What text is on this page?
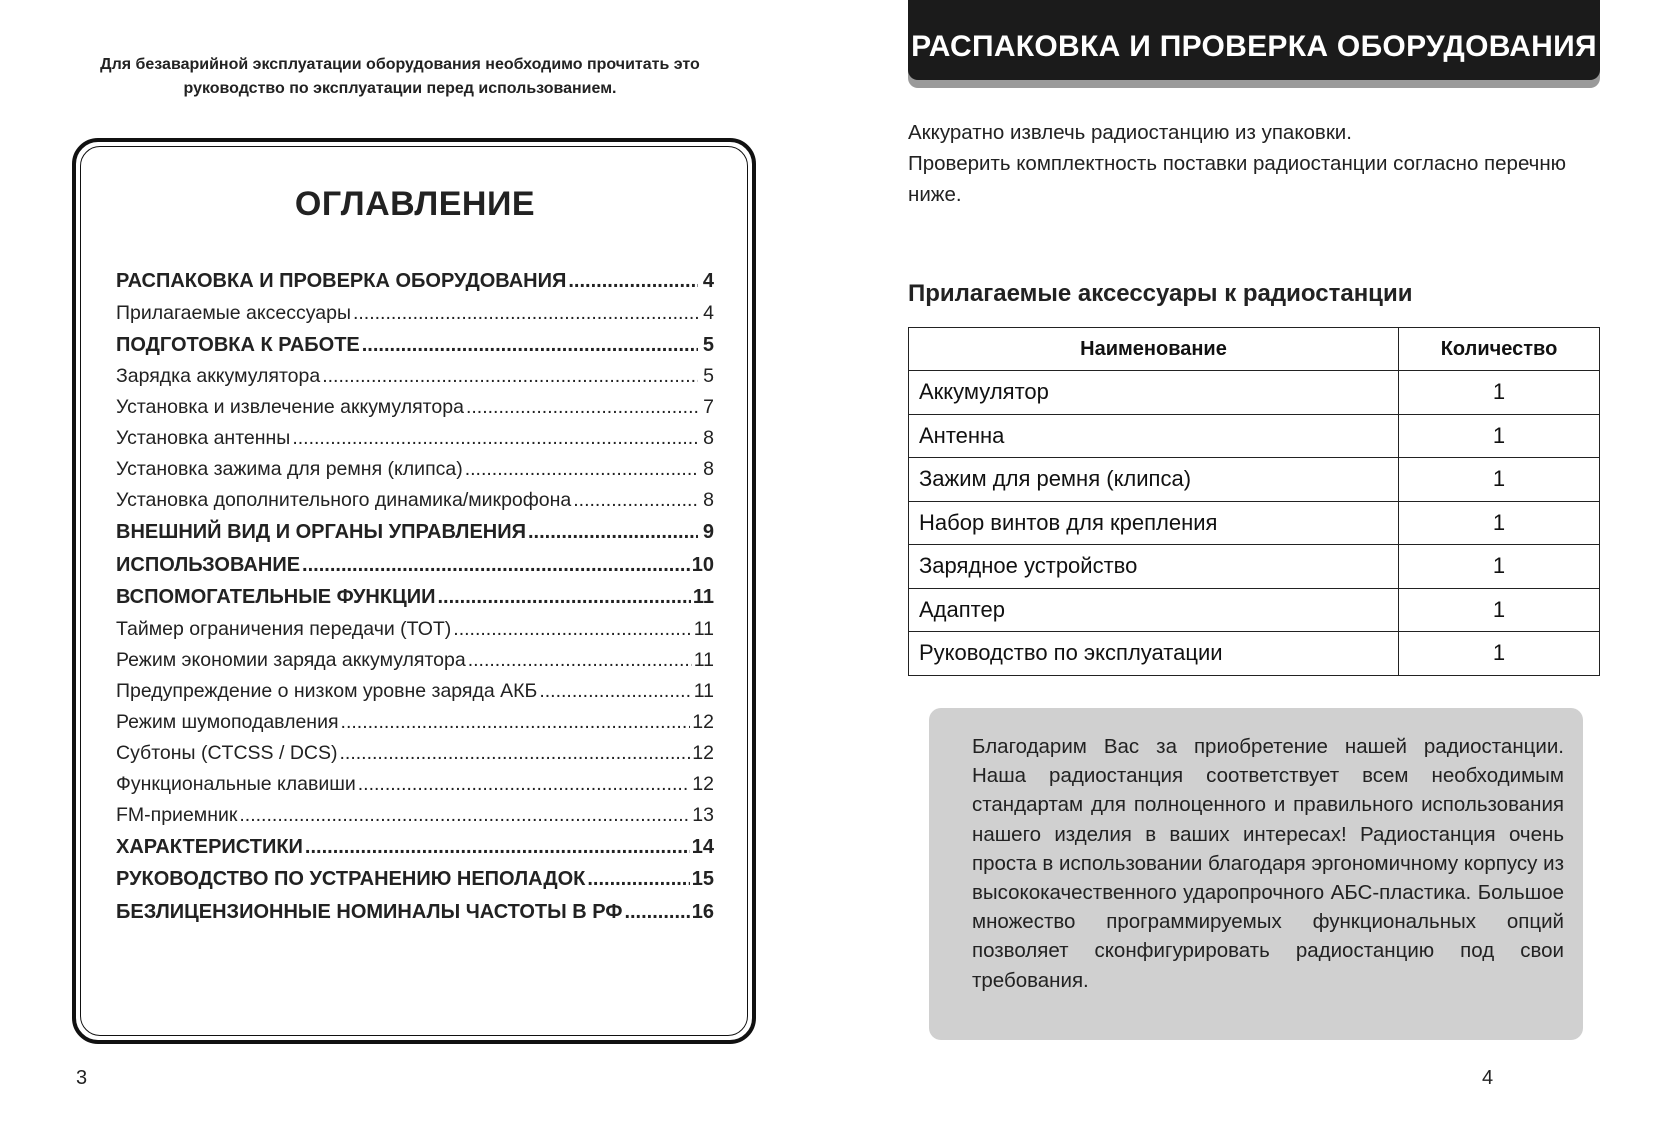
Для безаварийной эксплуатации оборудования необходимо прочитать это руководство по эксплуатации перед использованием.
ОГЛАВЛЕНИЕ
РАСПАКОВКА И ПРОВЕРКА ОБОРУДОВАНИЯ .....	4
Прилагаемые аксессуары .....	4
ПОДГОТОВКА К РАБОТЕ .....	5
Зарядка аккумулятора .....	5
Установка и извлечение аккумулятора .....	7
Установка антенны .....	8
Установка зажима для ремня (клипса) .....	8
Установка дополнительного динамика/микрофона .....	8
ВНЕШНИЙ ВИД И ОРГАНЫ УПРАВЛЕНИЯ .....	9
ИСПОЛЬЗОВАНИЕ .....	10
ВСПОМОГАТЕЛЬНЫЕ ФУНКЦИИ .....	11
Таймер ограничения передачи (ТОТ) .....	11
Режим экономии заряда аккумулятора .....	11
Предупреждение о низком уровне заряда АКБ .....	11
Режим шумоподавления .....	12
Субтоны (CTCSS / DCS) .....	12
Функциональные клавиши .....	12
FM-приемник .....	13
ХАРАКТЕРИСТИКИ .....	14
РУКОВОДСТВО ПО УСТРАНЕНИЮ НЕПОЛАДОК .....	15
БЕЗЛИЦЕНЗИОННЫЕ НОМИНАЛЫ ЧАСТОТЫ В РФ .....	16
3
РАСПАКОВКА И ПРОВЕРКА ОБОРУДОВАНИЯ

Аккуратно извлечь радиостанцию из упаковки.

Проверить комплектность поставки радиостанции согласно перечню ниже.

Прилагаемые аксессуары к радиостанции
Наименование	Количество
Аккумулятор	1
Антенна	1
Зажим для ремня (клипса)	1
Набор винтов для крепления	1
Зарядное устройство	1
Адаптер	1
Руководство по эксплуатации	1
Благодарим Вас за приобретение нашей радиостанции. Наша радиостанция соответствует всем необходимым стандартам для полноценного и правильного использования нашего изделия в ваших интересах! Радиостанция очень проста в использовании благодаря эргономичному корпусу из высококачественного ударопрочного АБС-пластика. Большое множество программируемых функциональных опций позволяет сконфигурировать радиостанцию под свои требования.
4
